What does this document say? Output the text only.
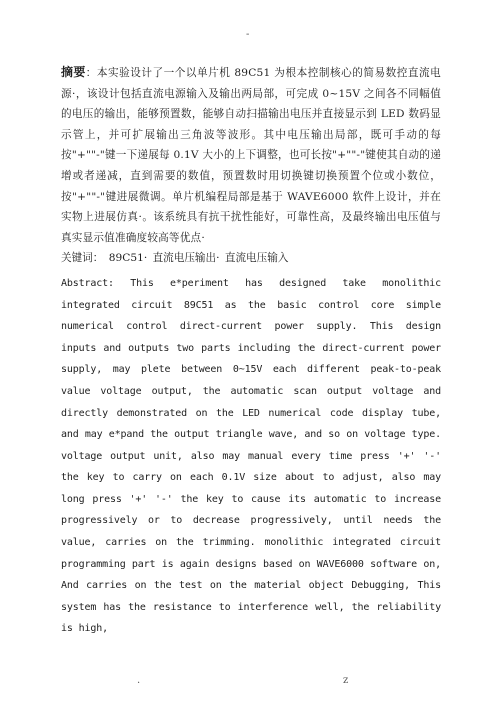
-

摘要：本实验设计了一个以单片机 89C51 为根本控制核心的简易数控直流电源·，该设计包括直流电源输入及输出两局部，可完成 0~15V 之间各不同幅值的电压的输出，能够预置数，能够自动扫描输出电压并直接显示到 LED 数码显示管上，并可扩展输出三角波等波形。其中电压输出局部，既可手动的每按"+""-"键一下递展每 0.1V 大小的上下调整，也可长按"+""-"键使其自动的递增或者递减，直到需要的数值，预置数时用切换键切换预置个位或小数位，按"+""-"键进展微调。单片机编程局部是基于 WAVE6000 软件上设计，并在实物上进展仿真·。该系统具有抗干扰性能好，可靠性高，及最终输出电压值与真实显示值准确度较高等优点·

关键词： 89C51· 直流电压输出· 直流电压输入

Abstract: This e*periment has designed take monolithic integrated circuit 89C51 as the basic control core simple numerical control direct-current power supply. This design inputs and outputs two parts including the direct-current power supply, may plete between 0~15V each different peak-to-peak value voltage output, the automatic scan output voltage and directly demonstrated on the LED numerical code display tube, and may e*pand the output triangle wave, and so on voltage type. voltage output unit, also may manual every time press '+' '-' the key to carry on each 0.1V size about to adjust, also may long press '+' '-' the key to cause its automatic to increase progressively or to decrease progressively, until needs the value, carries on the trimming. monolithic integrated circuit programming part is again designs based on WAVE6000 software on, And carries on the test on the material object Debugging, This system has the resistance to interference well, the reliability is high,

.	z
